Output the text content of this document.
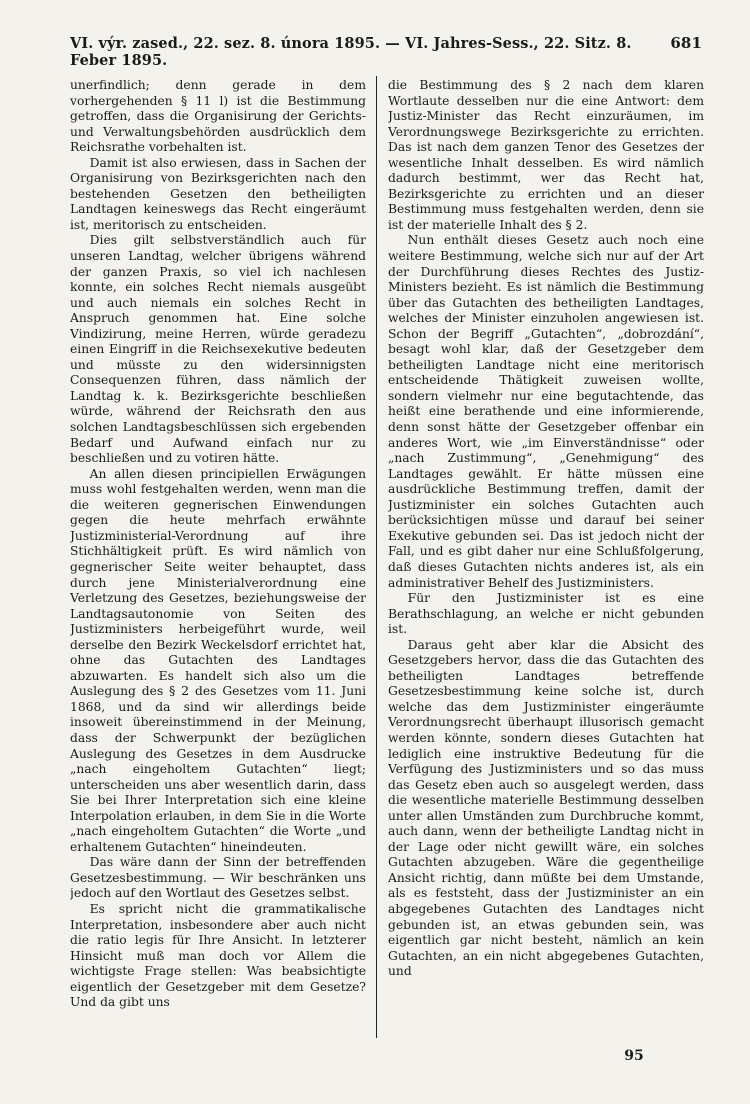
VI. výr. zased., 22. sez. 8. února 1895. — VI. Jahres-Sess., 22. Sitz. 8. Feber 1895.
681

unerfindlich; denn gerade in dem vorhergehenden § 11 l) ist die Bestimmung getroffen, dass die Organisirung der Gerichts- und Verwaltungsbehörden ausdrücklich dem Reichsrathe vorbehalten ist.

Damit ist also erwiesen, dass in Sachen der Organisirung von Bezirksgerichten nach den bestehenden Gesetzen den betheiligten Landtagen keineswegs das Recht eingeräumt ist, meritorisch zu entscheiden.

Dies gilt selbstverständlich auch für unseren Landtag, welcher übrigens während der ganzen Praxis, so viel ich nachlesen konnte, ein solches Recht niemals ausgeübt und auch niemals ein solches Recht in Anspruch genommen hat. Eine solche Vindizirung, meine Herren, würde geradezu einen Eingriff in die Reichsexekutive bedeuten und müsste zu den widersinnigsten Consequenzen führen, dass nämlich der Landtag k. k. Bezirksgerichte beschließen würde, während der Reichsrath den aus solchen Landtagsbeschlüssen sich ergebenden Bedarf und Aufwand einfach nur zu beschließen und zu votiren hätte.

An allen diesen principiellen Erwägungen muss wohl festgehalten werden, wenn man die die weiteren gegnerischen Einwendungen gegen die heute mehrfach erwähnte Justizministerial-Verordnung auf ihre Stichhältigkeit prüft. Es wird nämlich von gegnerischer Seite weiter behauptet, dass durch jene Ministerialverordnung eine Verletzung des Gesetzes, beziehungsweise der Landtagsautonomie von Seiten des Justizministers herbeigeführt wurde, weil derselbe den Bezirk Weckelsdorf errichtet hat, ohne das Gutachten des Landtages abzuwarten. Es handelt sich also um die Auslegung des § 2 des Gesetzes vom 11. Juni 1868, und da sind wir allerdings beide insoweit übereinstimmend in der Meinung, dass der Schwerpunkt der bezüglichen Auslegung des Gesetzes in dem Ausdrucke „nach eingeholtem Gutachten“ liegt; unterscheiden uns aber wesentlich darin, dass Sie bei Ihrer Interpretation sich eine kleine Interpolation erlauben, in dem Sie in die Worte „nach eingeholtem Gutachten“ die Worte „und erhaltenem Gutachten“ hineindeuten.

Das wäre dann der Sinn der betreffenden Gesetzesbestimmung. — Wir beschränken uns jedoch auf den Wortlaut des Gesetzes selbst.

Es spricht nicht die grammatikalische Interpretation, insbesondere aber auch nicht die ratio legis für Ihre Ansicht. In letzterer Hinsicht muß man doch vor Allem die wichtigste Frage stellen: Was beabsichtigte eigentlich der Gesetzgeber mit dem Gesetze? Und da gibt uns

die Bestimmung des § 2 nach dem klaren Wortlaute desselben nur die eine Antwort: dem Justiz-Minister das Recht einzuräumen, im Verordnungswege Bezirksgerichte zu errichten. Das ist nach dem ganzen Tenor des Gesetzes der wesentliche Inhalt desselben. Es wird nämlich dadurch bestimmt, wer das Recht hat, Bezirksgerichte zu errichten und an dieser Bestimmung muss festgehalten werden, denn sie ist der materielle Inhalt des § 2.

Nun enthält dieses Gesetz auch noch eine weitere Bestimmung, welche sich nur auf der Art der Durchführung dieses Rechtes des Justiz-Ministers bezieht. Es ist nämlich die Bestimmung über das Gutachten des betheiligten Landtages, welches der Minister einzuholen angewiesen ist. Schon der Begriff „Gutachten“, „dobrozdání“, besagt wohl klar, daß der Gesetzgeber dem betheiligten Landtage nicht eine meritorisch entscheidende Thätigkeit zuweisen wollte, sondern vielmehr nur eine begutachtende, das heißt eine berathende und eine informierende, denn sonst hätte der Gesetzgeber offenbar ein anderes Wort, wie „im Einverständnisse“ oder „nach Zustimmung“, „Genehmigung“ des Landtages gewählt. Er hätte müssen eine ausdrückliche Bestimmung treffen, damit der Justizminister ein solches Gutachten auch berücksichtigen müsse und darauf bei seiner Exekutive gebunden sei. Das ist jedoch nicht der Fall, und es gibt daher nur eine Schlußfolgerung, daß dieses Gutachten nichts anderes ist, als ein administrativer Behelf des Justizministers.

Für den Justizminister ist es eine Berathschlagung, an welche er nicht gebunden ist.

Daraus geht aber klar die Absicht des Gesetzgebers hervor, dass die das Gutachten des betheiligten Landtages betreffende Gesetzesbestimmung keine solche ist, durch welche das dem Justizminister eingeräumte Verordnungsrecht überhaupt illusorisch gemacht werden könnte, sondern dieses Gutachten hat lediglich eine instruktive Bedeutung für die Verfügung des Justizministers und so das muss das Gesetz eben auch so ausgelegt werden, dass die wesentliche materielle Bestimmung desselben unter allen Umständen zum Durchbruche kommt, auch dann, wenn der betheiligte Landtag nicht in der Lage oder nicht gewillt wäre, ein solches Gutachten abzugeben. Wäre die gegentheilige Ansicht richtig, dann müßte bei dem Umstande, als es feststeht, dass der Justizminister an ein abgegebenes Gutachten des Landtages nicht gebunden ist, an etwas gebunden sein, was eigentlich gar nicht besteht, nämlich an kein Gutachten, an ein nicht abgegebenes Gutachten, und

95
